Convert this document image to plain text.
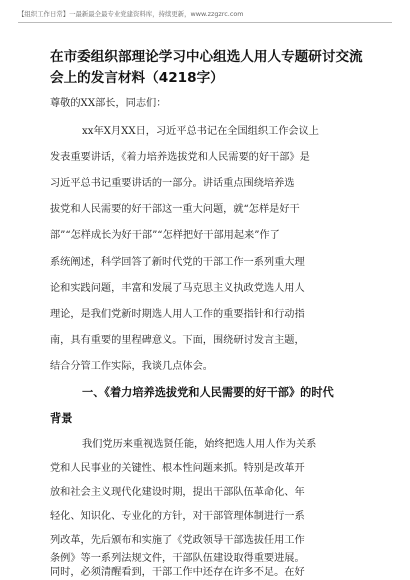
【组织工作日常】一最新最全最专业党建资料库，持续更新，www.zzgzrc.com
在市委组织部理论学习中心组选人用人专题研讨交流会上的发言材料（4218字）
尊敬的XX部长，同志们：
xx年X月XX日，习近平总书记在全国组织工作会议上
发表重要讲话，《着力培养选拔党和人民需要的好干部》是
习近平总书记重要讲话的一部分。讲话重点围绕培养选
拔党和人民需要的好干部这一重大问题，就“怎样是好干
部”“怎样成长为好干部”“怎样把好干部用起来”作了
系统阐述，科学回答了新时代党的干部工作一系列重大理
论和实践问题，丰富和发展了马克思主义执政党选人用人
理论，是我们党新时期选人用人工作的重要指针和行动指
南，具有重要的里程碑意义。下面，围绕研讨发言主题，
结合分管工作实际，我谈几点体会。
一、《着力培养选拔党和人民需要的好干部》的时代
背景
我们党历来重视选贤任能，始终把选人用人作为关系
党和人民事业的关键性、根本性问题来抓。特别是改革开
放和社会主义现代化建设时期，提出干部队伍革命化、年
轻化、知识化、专业化的方针，对干部管理体制进行一系
列改革，先后颁布和实施了《党政领导干部选拔任用工作
条例》等一系列法规文件，干部队伍建设取得重要进展。
同时，必须清醒看到，干部工作中还存在许多不足。在好
